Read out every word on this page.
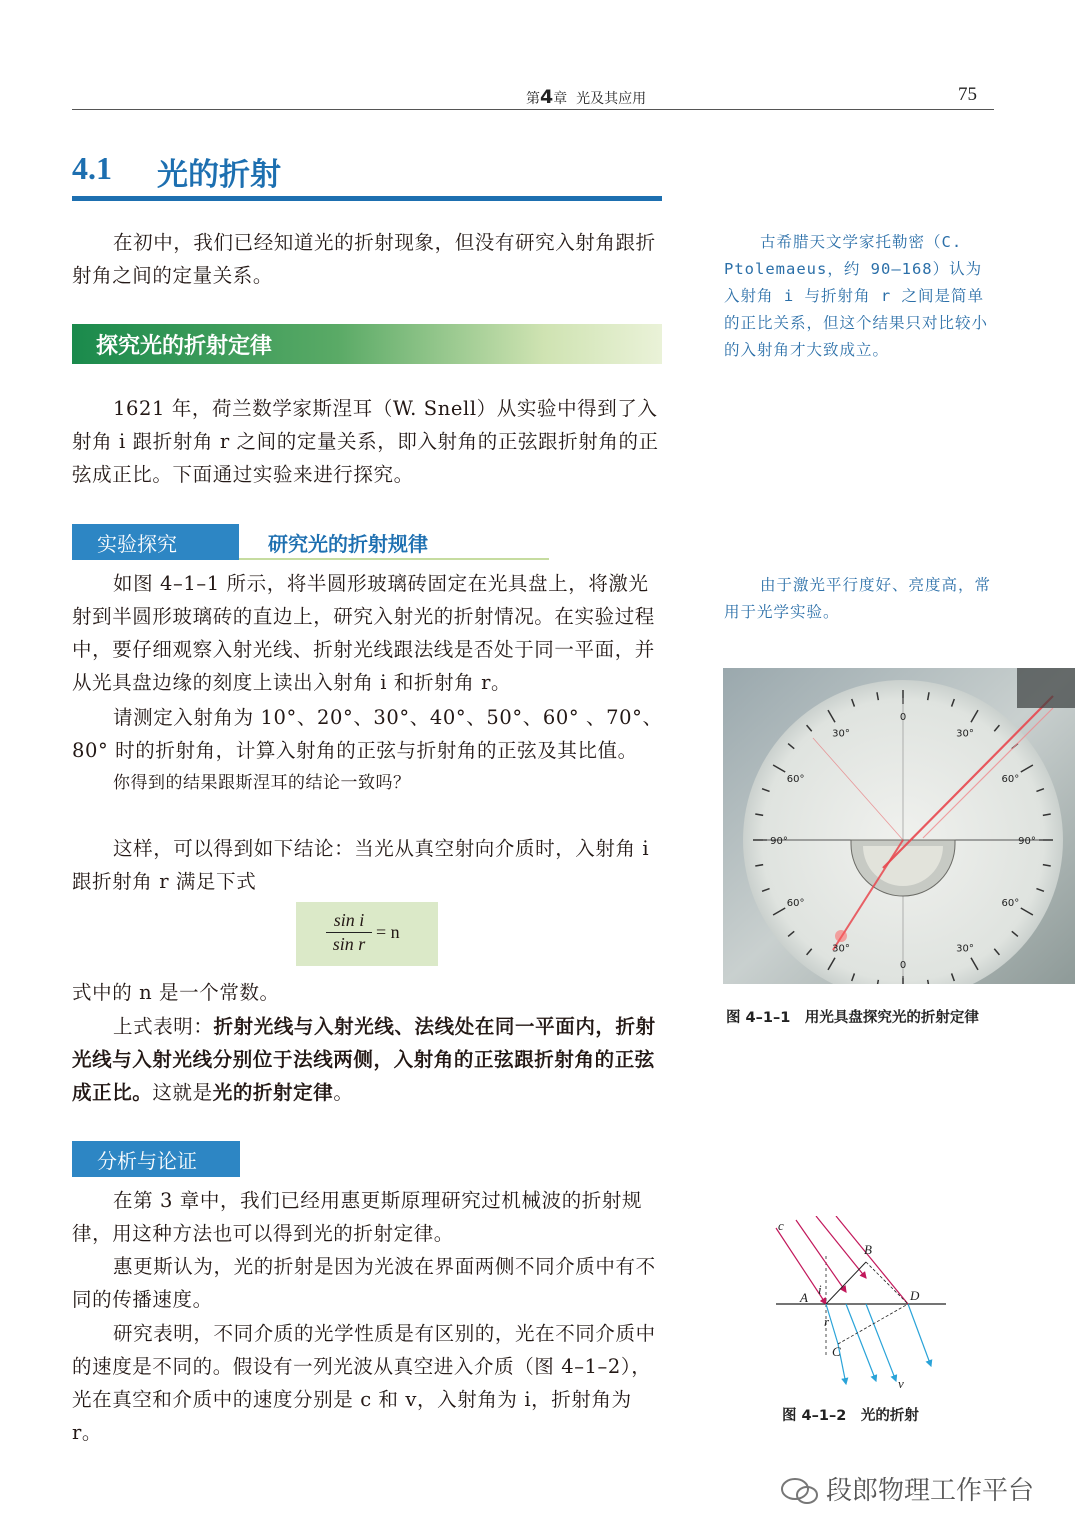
第4章 光及其应用	75
4.1 光的折射
在初中，我们已经知道光的折射现象，但没有研究入射角跟折射角之间的定量关系。
古希腊天文学家托勒密（C. Ptolemaeus，约 90—168）认为入射角 i 与折射角 r 之间是简单的正比关系，但这个结果只对比较小的入射角才大致成立。
探究光的折射定律
1621 年，荷兰数学家斯涅耳（W. Snell）从实验中得到了入射角 i 跟折射角 r 之间的定量关系，即入射角的正弦跟折射角的正弦成正比。下面通过实验来进行探究。
实验探究	研究光的折射规律
由于激光平行度好、亮度高，常用于光学实验。
如图 4–1–1 所示，将半圆形玻璃砖固定在光具盘上，将激光射到半圆形玻璃砖的直边上，研究入射光的折射情况。在实验过程中，要仔细观察入射光线、折射光线跟法线是否处于同一平面，并从光具盘边缘的刻度上读出入射角 i 和折射角 r。
请测定入射角为 10°、20°、30°、40°、50°、60° 、70°、80° 时的折射角，计算入射角的正弦与折射角的正弦及其比值。
你得到的结果跟斯涅耳的结论一致吗？
这样，可以得到如下结论：当光从真空射向介质时，入射角 i 跟折射角 r 满足下式
$\frac{\text{sin i}}{\text{sin r}} = n$
式中的 n 是一个常数。
上式表明：折射光线与入射光线、法线处在同一平面内，折射光线与入射光线分别位于法线两侧，入射角的正弦跟折射角的正弦成正比。这就是光的折射定律。
分析与论证
在第 3 章中，我们已经用惠更斯原理研究过机械波的折射规律，用这种方法也可以得到光的折射定律。
惠更斯认为，光的折射是因为光波在界面两侧不同介质中有不同的传播速度。
研究表明，不同介质的光学性质是有区别的，光在不同介质中的速度是不同的。假设有一列光波从真空进入介质（图 4–1–2），光在真空和介质中的速度分别是 c 和 v，入射角为 i，折射角为 r。
0
30°
60°
90°
60°
30°
0
30°
60°
90°
60°
30°
图 4–1–1　用光具盘探究光的折射定律
c
B
A
i	D
r
C
v
图 4–1–2　光的折射
段郎物理工作平台
